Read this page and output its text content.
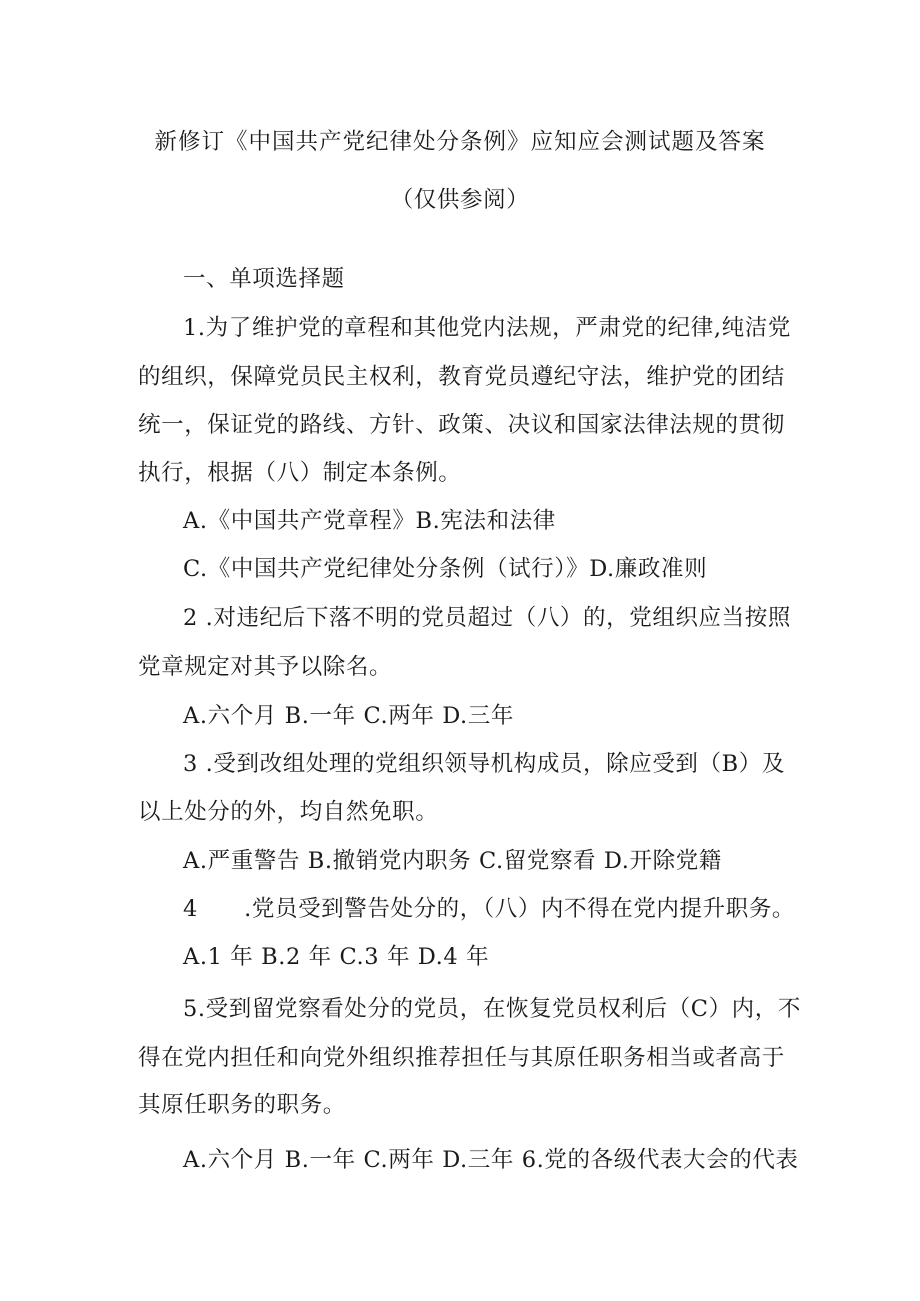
新修订《中国共产党纪律处分条例》应知应会测试题及答案
（仅供参阅）
一、单项选择题
1.为了维护党的章程和其他党内法规，严肃党的纪律,纯洁党
的组织，保障党员民主权利，教育党员遵纪守法，维护党的团结
统一，保证党的路线、方针、政策、决议和国家法律法规的贯彻
执行，根据（八）制定本条例。
A.《中国共产党章程》B.宪法和法律
C.《中国共产党纪律处分条例（试行）》D.廉政准则
2 .对违纪后下落不明的党员超过（八）的，党组织应当按照
党章规定对其予以除名。
A.六个月 B.一年 C.两年 D.三年
3 .受到改组处理的党组织领导机构成员，除应受到（B）及
以上处分的外，均自然免职。
A.严重警告 B.撤销党内职务 C.留党察看 D.开除党籍
4　　.党员受到警告处分的，（八）内不得在党内提升职务。
A.1 年 B.2 年 C.3 年 D.4 年
5.受到留党察看处分的党员，在恢复党员权利后（C）内，不
得在党内担任和向党外组织推荐担任与其原任职务相当或者高于
其原任职务的职务。
A.六个月 B.一年 C.两年 D.三年 6.党的各级代表大会的代表
